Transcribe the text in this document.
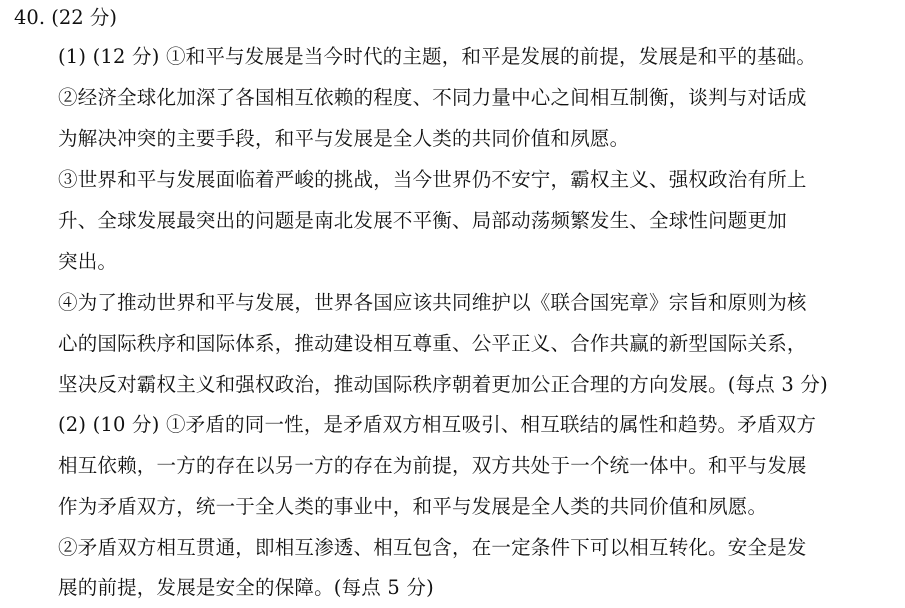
40. (22 分)
(1) (12 分) ①和平与发展是当今时代的主题，和平是发展的前提，发展是和平的基础。
②经济全球化加深了各国相互依赖的程度、不同力量中心之间相互制衡，谈判与对话成
为解决冲突的主要手段，和平与发展是全人类的共同价值和夙愿。
③世界和平与发展面临着严峻的挑战，当今世界仍不安宁，霸权主义、强权政治有所上
升、全球发展最突出的问题是南北发展不平衡、局部动荡频繁发生、全球性问题更加
突出。
④为了推动世界和平与发展，世界各国应该共同维护以《联合国宪章》宗旨和原则为核
心的国际秩序和国际体系，推动建设相互尊重、公平正义、合作共赢的新型国际关系，
坚决反对霸权主义和强权政治，推动国际秩序朝着更加公正合理的方向发展。(每点 3 分)
(2) (10 分) ①矛盾的同一性，是矛盾双方相互吸引、相互联结的属性和趋势。矛盾双方
相互依赖，一方的存在以另一方的存在为前提，双方共处于一个统一体中。和平与发展
作为矛盾双方，统一于全人类的事业中，和平与发展是全人类的共同价值和夙愿。
②矛盾双方相互贯通，即相互渗透、相互包含，在一定条件下可以相互转化。安全是发
展的前提，发展是安全的保障。(每点 5 分)
